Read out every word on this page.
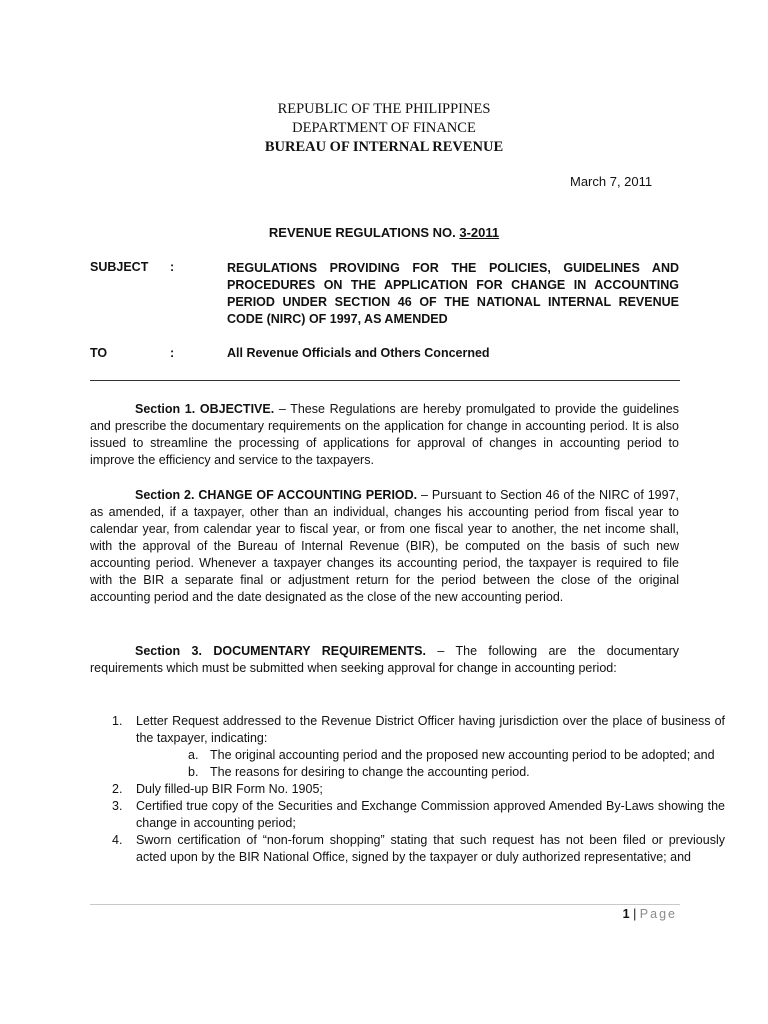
REPUBLIC OF THE PHILIPPINES
DEPARTMENT OF FINANCE
BUREAU OF INTERNAL REVENUE
March 7, 2011
REVENUE REGULATIONS NO. 3-2011
SUBJECT :	REGULATIONS PROVIDING FOR THE POLICIES, GUIDELINES AND PROCEDURES ON THE APPLICATION FOR CHANGE IN ACCOUNTING PERIOD UNDER SECTION 46 OF THE NATIONAL INTERNAL REVENUE CODE (NIRC) OF 1997, AS AMENDED
TO	:	All Revenue Officials and Others Concerned
Section 1. OBJECTIVE. – These Regulations are hereby promulgated to provide the guidelines and prescribe the documentary requirements on the application for change in accounting period. It is also issued to streamline the processing of applications for approval of changes in accounting period to improve the efficiency and service to the taxpayers.
Section 2. CHANGE OF ACCOUNTING PERIOD. – Pursuant to Section 46 of the NIRC of 1997, as amended, if a taxpayer, other than an individual, changes his accounting period from fiscal year to calendar year, from calendar year to fiscal year, or from one fiscal year to another, the net income shall, with the approval of the Bureau of Internal Revenue (BIR), be computed on the basis of such new accounting period. Whenever a taxpayer changes its accounting period, the taxpayer is required to file with the BIR a separate final or adjustment return for the period between the close of the original accounting period and the date designated as the close of the new accounting period.
Section 3. DOCUMENTARY REQUIREMENTS. – The following are the documentary requirements which must be submitted when seeking approval for change in accounting period:
1. Letter Request addressed to the Revenue District Officer having jurisdiction over the place of business of the taxpayer, indicating:
a. The original accounting period and the proposed new accounting period to be adopted; and
b. The reasons for desiring to change the accounting period.
2. Duly filled-up BIR Form No. 1905;
3. Certified true copy of the Securities and Exchange Commission approved Amended By-Laws showing the change in accounting period;
4. Sworn certification of “non-forum shopping” stating that such request has not been filed or previously acted upon by the BIR National Office, signed by the taxpayer or duly authorized representative; and
1 | Page
